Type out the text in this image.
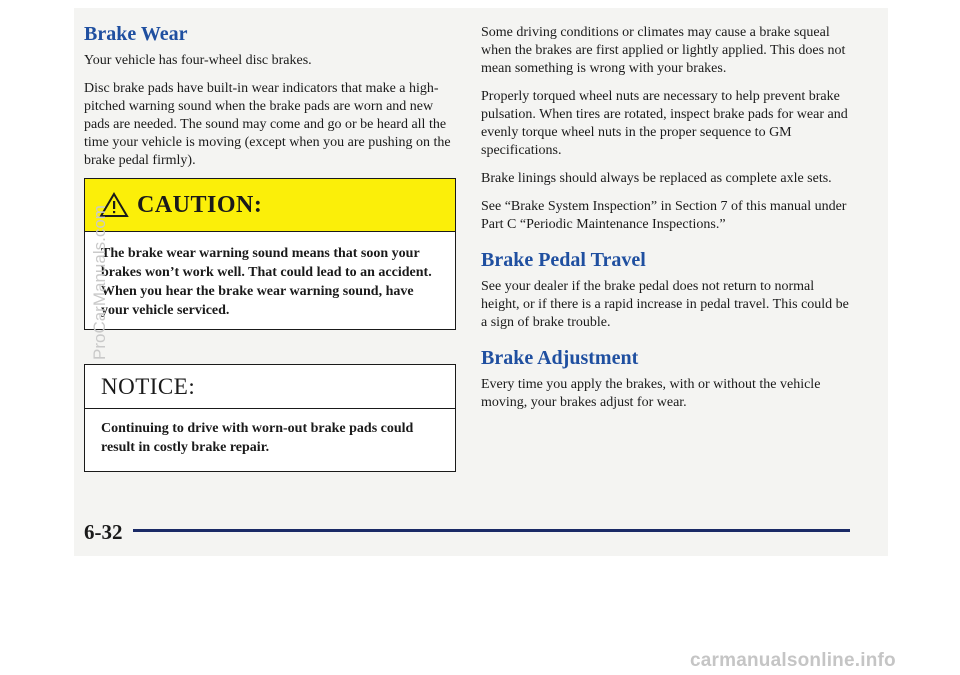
Brake Wear

Your vehicle has four-wheel disc brakes.

Disc brake pads have built-in wear indicators that make a high-pitched warning sound when the brake pads are worn and new pads are needed. The sound may come and go or be heard all the time your vehicle is moving (except when you are pushing on the brake pedal firmly).

CAUTION:
The brake wear warning sound means that soon your brakes won’t work well. That could lead to an accident. When you hear the brake wear warning sound, have your vehicle serviced.
NOTICE:
Continuing to drive with worn-out brake pads could result in costly brake repair.

Some driving conditions or climates may cause a brake squeal when the brakes are first applied or lightly applied. This does not mean something is wrong with your brakes.

Properly torqued wheel nuts are necessary to help prevent brake pulsation. When tires are rotated, inspect brake pads for wear and evenly torque wheel nuts in the proper sequence to GM specifications.

Brake linings should always be replaced as complete axle sets.

See “Brake System Inspection” in Section 7 of this manual under Part C “Periodic Maintenance Inspections.”

Brake Pedal Travel

See your dealer if the brake pedal does not return to normal height, or if there is a rapid increase in pedal travel. This could be a sign of brake trouble.

Brake Adjustment

Every time you apply the brakes, with or without the vehicle moving, your brakes adjust for wear.

6-32
ProCarManuals.com
carmanualsonline.info
